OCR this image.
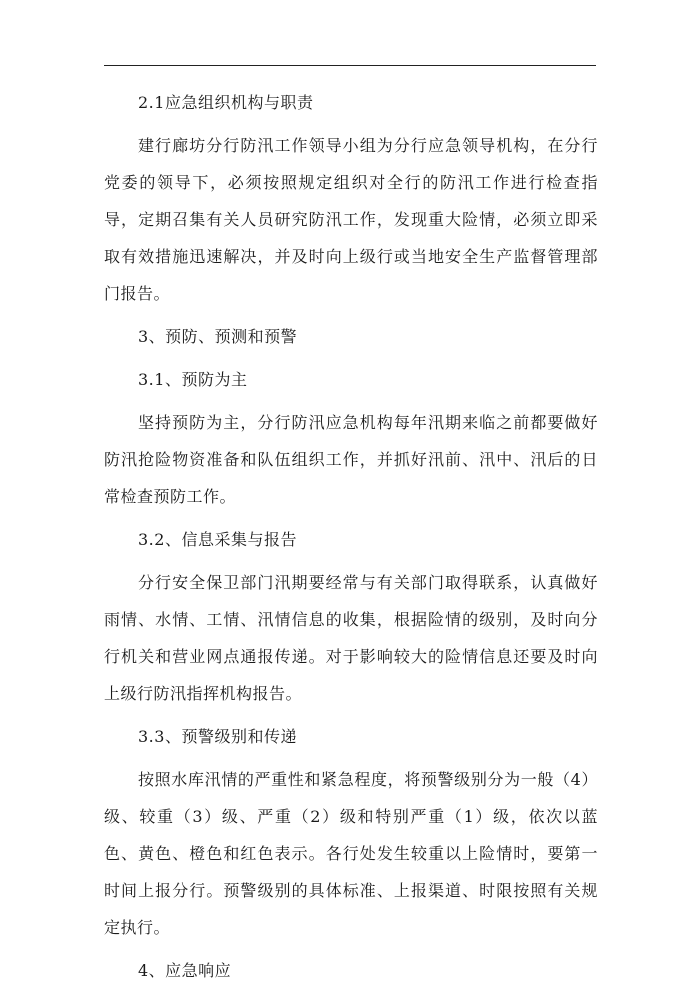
2.1应急组织机构与职责

建行廊坊分行防汛工作领导小组为分行应急领导机构，在分行党委的领导下，必须按照规定组织对全行的防汛工作进行检查指导，定期召集有关人员研究防汛工作，发现重大险情，必须立即采取有效措施迅速解决，并及时向上级行或当地安全生产监督管理部门报告。

3、预防、预测和预警

3.1、预防为主

坚持预防为主，分行防汛应急机构每年汛期来临之前都要做好防汛抢险物资准备和队伍组织工作，并抓好汛前、汛中、汛后的日常检查预防工作。

3.2、信息采集与报告

分行安全保卫部门汛期要经常与有关部门取得联系，认真做好雨情、水情、工情、汛情信息的收集，根据险情的级别，及时向分行机关和营业网点通报传递。对于影响较大的险情信息还要及时向上级行防汛指挥机构报告。

3.3、预警级别和传递

按照水库汛情的严重性和紧急程度，将预警级别分为一般（4）级、较重（3）级、严重（2）级和特别严重（1）级，依次以蓝色、黄色、橙色和红色表示。各行处发生较重以上险情时，要第一时间上报分行。预警级别的具体标准、上报渠道、时限按照有关规定执行。

4、应急响应
